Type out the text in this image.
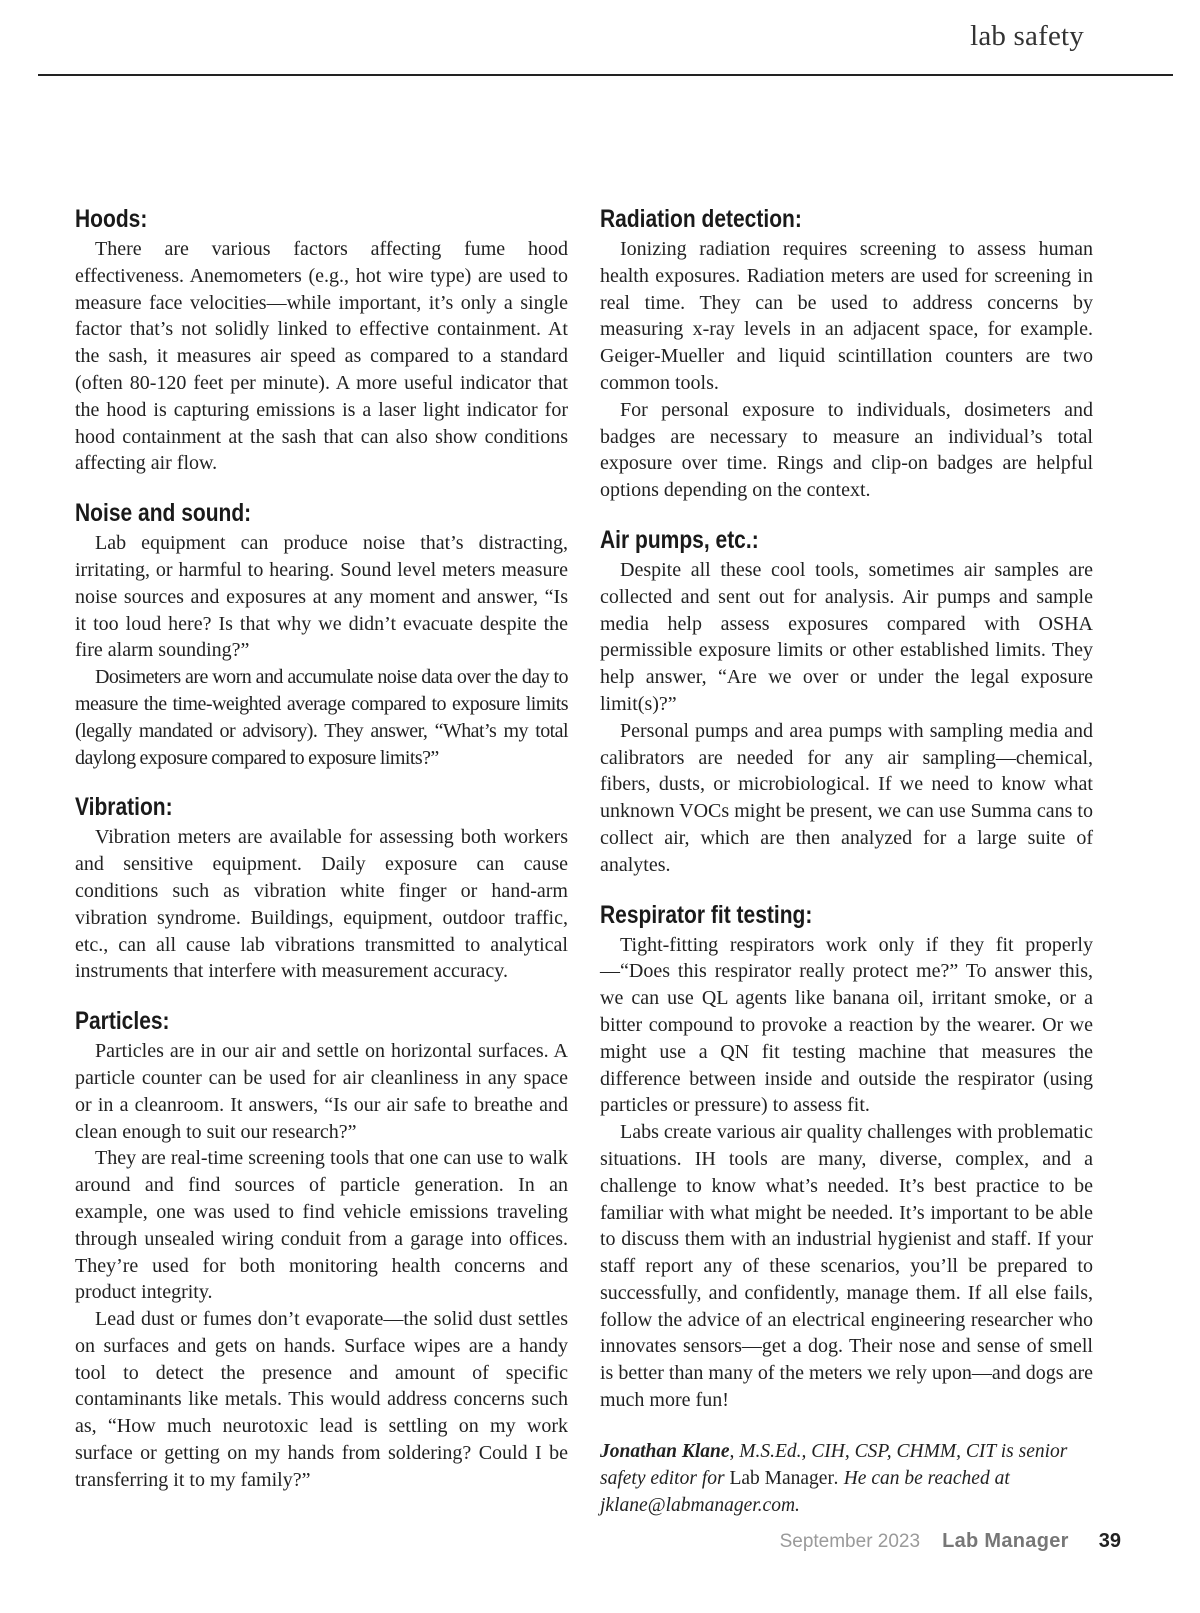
lab safety
Hoods:

There are various factors affecting fume hood effectiveness. Anemometers (e.g., hot wire type) are used to measure face velocities—while important, it’s only a single factor that’s not solidly linked to effective containment. At the sash, it measures air speed as compared to a standard (often 80-120 feet per minute). A more useful indicator that the hood is capturing emissions is a laser light indicator for hood containment at the sash that can also show conditions affecting air flow.

Noise and sound:

Lab equipment can produce noise that’s distracting, irritating, or harmful to hearing. Sound level meters measure noise sources and exposures at any moment and answer, “Is it too loud here? Is that why we didn’t evacuate despite the fire alarm sounding?”

Dosimeters are worn and accumulate noise data over the day to measure the time-weighted average compared to exposure limits (legally mandated or advisory). They answer, “What’s my total daylong exposure compared to exposure limits?”

Vibration:

Vibration meters are available for assessing both workers and sensitive equipment. Daily exposure can cause conditions such as vibration white finger or hand-arm vibration syndrome. Buildings, equipment, outdoor traffic, etc., can all cause lab vibrations transmitted to analytical instruments that interfere with measurement accuracy.

Particles:

Particles are in our air and settle on horizontal surfaces. A particle counter can be used for air cleanliness in any space or in a cleanroom. It answers, “Is our air safe to breathe and clean enough to suit our research?”

They are real-time screening tools that one can use to walk around and find sources of particle generation. In an example, one was used to find vehicle emissions traveling through unsealed wiring conduit from a garage into offices. They’re used for both monitoring health concerns and product integrity.

Lead dust or fumes don’t evaporate—the solid dust settles on surfaces and gets on hands. Surface wipes are a handy tool to detect the presence and amount of specific contaminants like metals. This would address concerns such as, “How much neurotoxic lead is settling on my work surface or getting on my hands from soldering? Could I be transferring it to my family?”

Radiation detection:

Ionizing radiation requires screening to assess human health exposures. Radiation meters are used for screening in real time. They can be used to address concerns by measuring x-ray levels in an adjacent space, for example. Geiger-Mueller and liquid scintillation counters are two common tools.

For personal exposure to individuals, dosimeters and badges are necessary to measure an individual’s total exposure over time. Rings and clip-on badges are helpful options depending on the context.

Air pumps, etc.:

Despite all these cool tools, sometimes air samples are collected and sent out for analysis. Air pumps and sample media help assess exposures compared with OSHA permissible exposure limits or other established limits. They help answer, “Are we over or under the legal exposure limit(s)?”

Personal pumps and area pumps with sampling media and calibrators are needed for any air sampling—chemical, fibers, dusts, or microbiological. If we need to know what unknown VOCs might be present, we can use Summa cans to collect air, which are then analyzed for a large suite of analytes.

Respirator fit testing:

Tight-fitting respirators work only if they fit properly—“Does this respirator really protect me?” To answer this, we can use QL agents like banana oil, irritant smoke, or a bitter compound to provoke a reaction by the wearer. Or we might use a QN fit testing machine that measures the difference between inside and outside the respirator (using particles or pressure) to assess fit.

Labs create various air quality challenges with problematic situations. IH tools are many, diverse, complex, and a challenge to know what’s needed. It’s best practice to be familiar with what might be needed. It’s important to be able to discuss them with an industrial hygienist and staff. If your staff report any of these scenarios, you’ll be prepared to successfully, and confidently, manage them. If all else fails, follow the advice of an electrical engineering researcher who innovates sensors—get a dog. Their nose and sense of smell is better than many of the meters we rely upon—and dogs are much more fun!

Jonathan Klane, M.S.Ed., CIH, CSP, CHMM, CIT is senior safety editor for Lab Manager. He can be reached at jklane@labmanager.com.
September 2023 Lab Manager 39
